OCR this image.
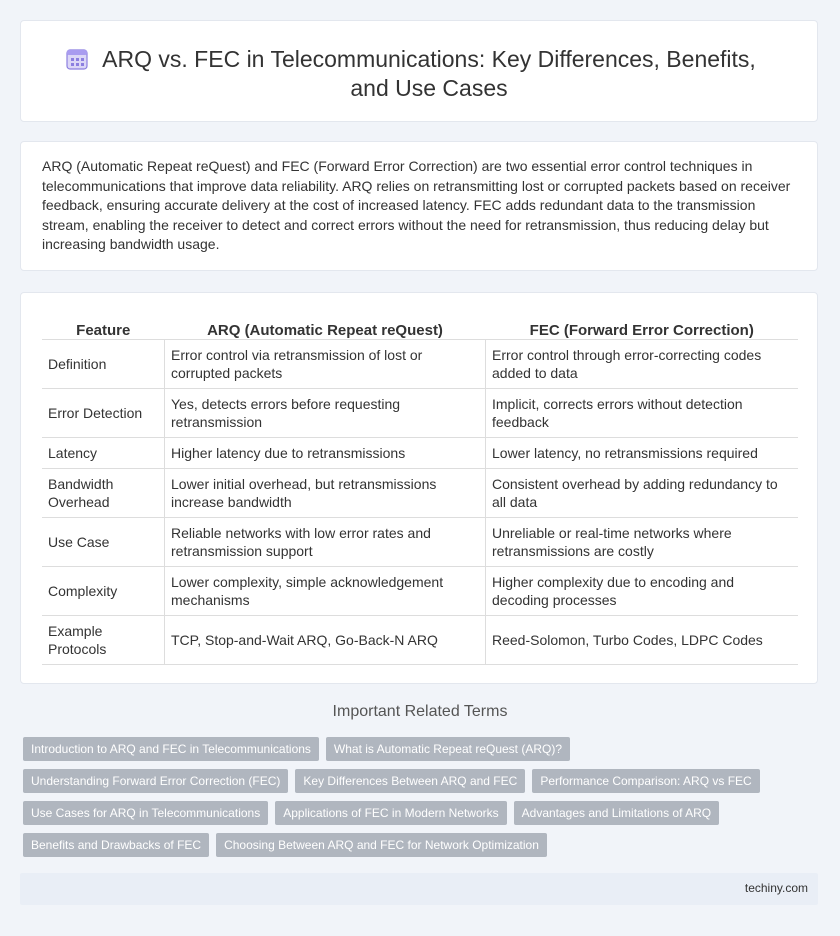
ARQ vs. FEC in Telecommunications: Key Differences, Benefits, and Use Cases

ARQ (Automatic Repeat reQuest) and FEC (Forward Error Correction) are two essential error control techniques in telecommunications that improve data reliability. ARQ relies on retransmitting lost or corrupted packets based on receiver feedback, ensuring accurate delivery at the cost of increased latency. FEC adds redundant data to the transmission stream, enabling the receiver to detect and correct errors without the need for retransmission, thus reducing delay but increasing bandwidth usage.

Feature	ARQ (Automatic Repeat reQuest)	FEC (Forward Error Correction)
Definition	Error control via retransmission of lost or corrupted packets	Error control through error-correcting codes added to data
Error Detection	Yes, detects errors before requesting retransmission	Implicit, corrects errors without detection feedback
Latency	Higher latency due to retransmissions	Lower latency, no retransmissions required
Bandwidth Overhead	Lower initial overhead, but retransmissions increase bandwidth	Consistent overhead by adding redundancy to all data
Use Case	Reliable networks with low error rates and retransmission support	Unreliable or real-time networks where retransmissions are costly
Complexity	Lower complexity, simple acknowledgement mechanisms	Higher complexity due to encoding and decoding processes
Example Protocols	TCP, Stop-and-Wait ARQ, Go-Back-N ARQ	Reed-Solomon, Turbo Codes, LDPC Codes
Important Related Terms
Introduction to ARQ and FEC in Telecommunications	What is Automatic Repeat reQuest (ARQ)?
Understanding Forward Error Correction (FEC)	Key Differences Between ARQ and FEC	Performance Comparison: ARQ vs FEC
Use Cases for ARQ in Telecommunications	Applications of FEC in Modern Networks	Advantages and Limitations of ARQ
Benefits and Drawbacks of FEC	Choosing Between ARQ and FEC for Network Optimization
techiny.com
